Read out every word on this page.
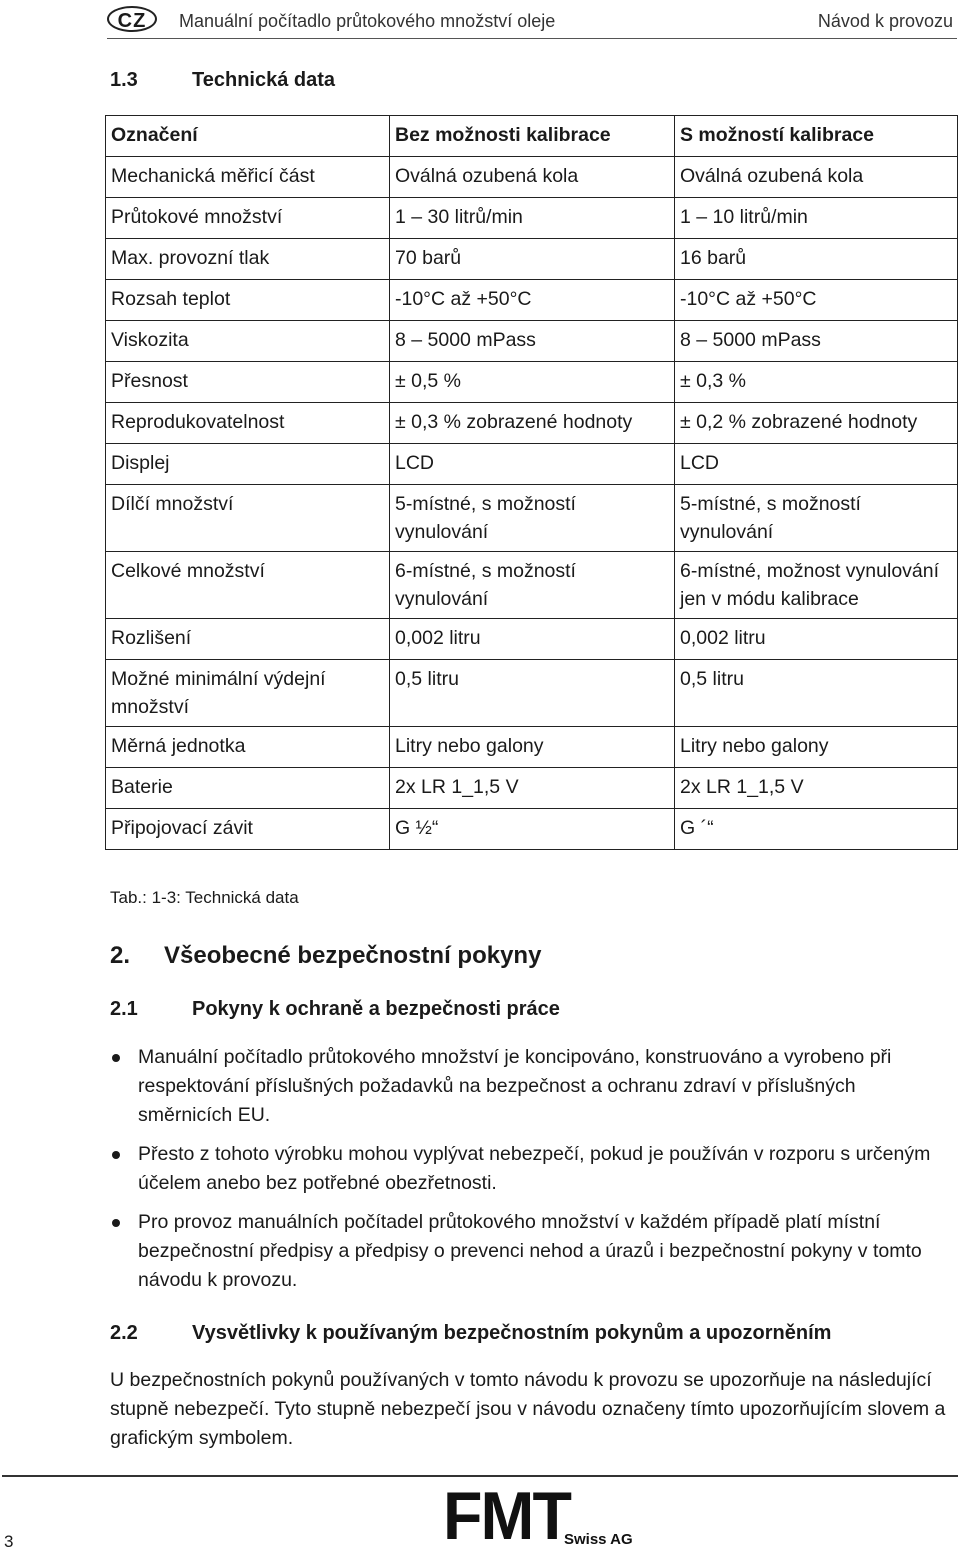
CZ	Manuální počítadlo průtokového množství oleje	Návod k provozu
1.3	Technická data
Označení	Bez možnosti kalibrace	S možností kalibrace
Mechanická měřicí část	Oválná ozubená kola	Oválná ozubená kola
Průtokové množství	1 – 30 litrů/min	1 – 10 litrů/min
Max. provozní tlak	70 barů	16 barů
Rozsah teplot	-10°C až +50°C	-10°C až +50°C
Viskozita	8 – 5000 mPass	8 – 5000 mPass
Přesnost	± 0,5 %	± 0,3 %
Reprodukovatelnost	± 0,3 % zobrazené hodnoty	± 0,2 % zobrazené hodnoty
Displej	LCD	LCD
Dílčí množství	5-místné, s možností vynulování	5-místné, s možností vynulování
Celkové množství	6-místné, s možností vynulování	6-místné, možnost vynulování jen v módu kalibrace
Rozlišení	0,002 litru	0,002 litru
Možné minimální výdejní množství	0,5 litru	0,5 litru
Měrná jednotka	Litry nebo galony	Litry nebo galony
Baterie	2x LR 1_1,5 V	2x LR 1_1,5 V
Připojovací závit	G ½“	G ´“
Tab.: 1-3: Technická data
2. Všeobecné bezpečnostní pokyny
2.1	Pokyny k ochraně a bezpečnosti práce
Manuální počítadlo průtokového množství je koncipováno, konstruováno a vyrobeno při respektování příslušných požadavků na bezpečnost a ochranu zdraví v příslušných směrnicích EU.
Přesto z tohoto výrobku mohou vyplývat nebezpečí, pokud je používán v rozporu s určeným účelem anebo bez potřebné obezřetnosti.
Pro provoz manuálních počítadel průtokového množství v každém případě platí místní bezpečnostní předpisy a předpisy o prevenci nehod a úrazů i bezpečnostní pokyny v tomto návodu k provozu.
2.2	Vysvětlivky k používaným bezpečnostním pokynům a upozorněním
U bezpečnostních pokynů používaných v tomto návodu k provozu se upozorňuje na následující stupně nebezpečí. Tyto stupně nebezpečí jsou v návodu označeny tímto upozorňujícím slovem a grafickým symbolem.
3	FMT
Swiss AG
